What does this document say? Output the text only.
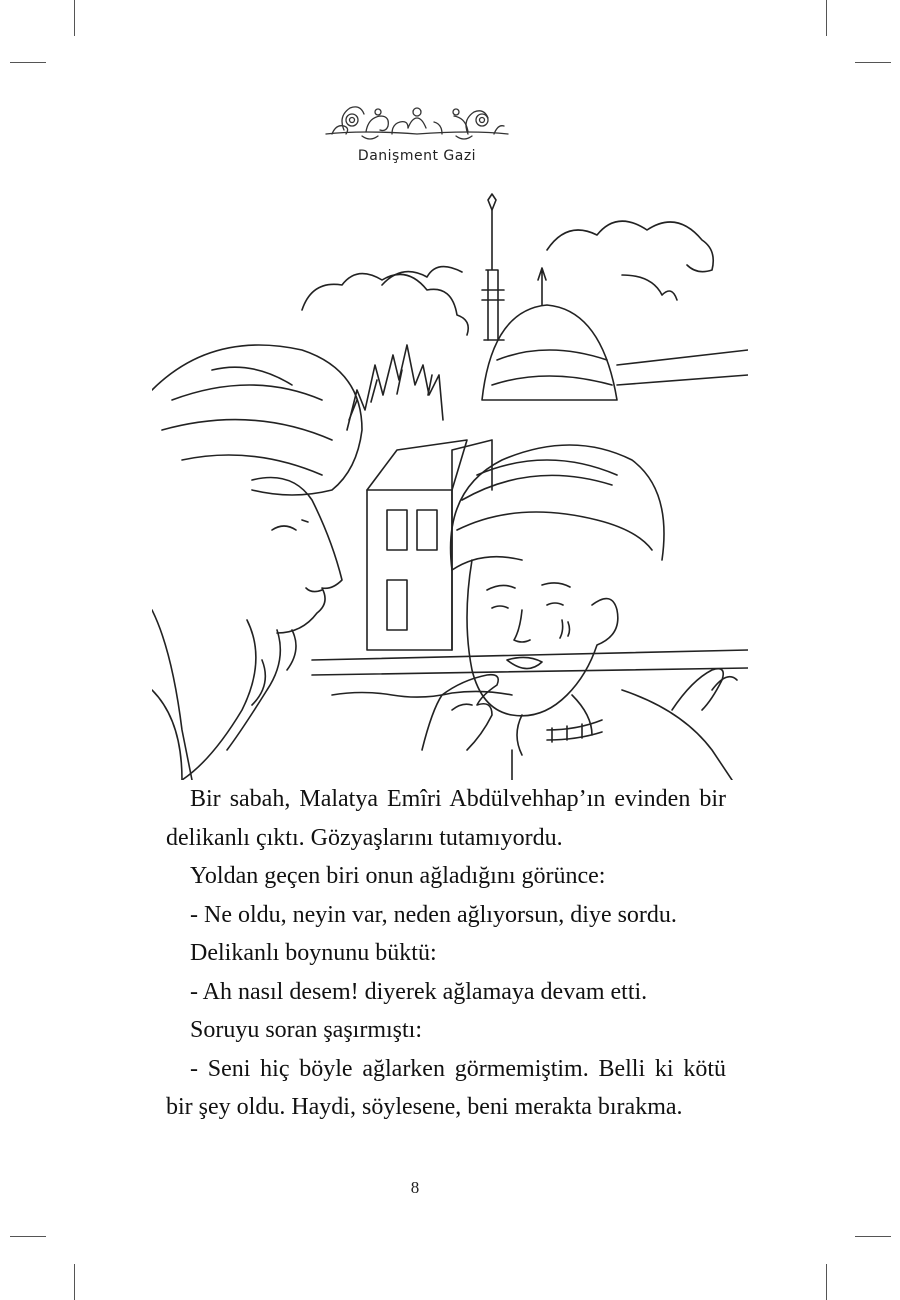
Danişment Gazi

Bir sabah, Malatya Emîri Abdülvehhap’ın evinden bir delikanlı çıktı. Gözyaşlarını tutamıyordu.

Yoldan geçen biri onun ağladığını görünce:

- Ne oldu, neyin var, neden ağlıyorsun, diye sordu.

Delikanlı boynunu büktü:

- Ah nasıl desem! diyerek ağlamaya devam etti.

Soruyu soran şaşırmıştı:

- Seni hiç böyle ağlarken görmemiştim. Belli ki kötü bir şey oldu. Haydi, söylesene, beni merakta bırakma.

8
